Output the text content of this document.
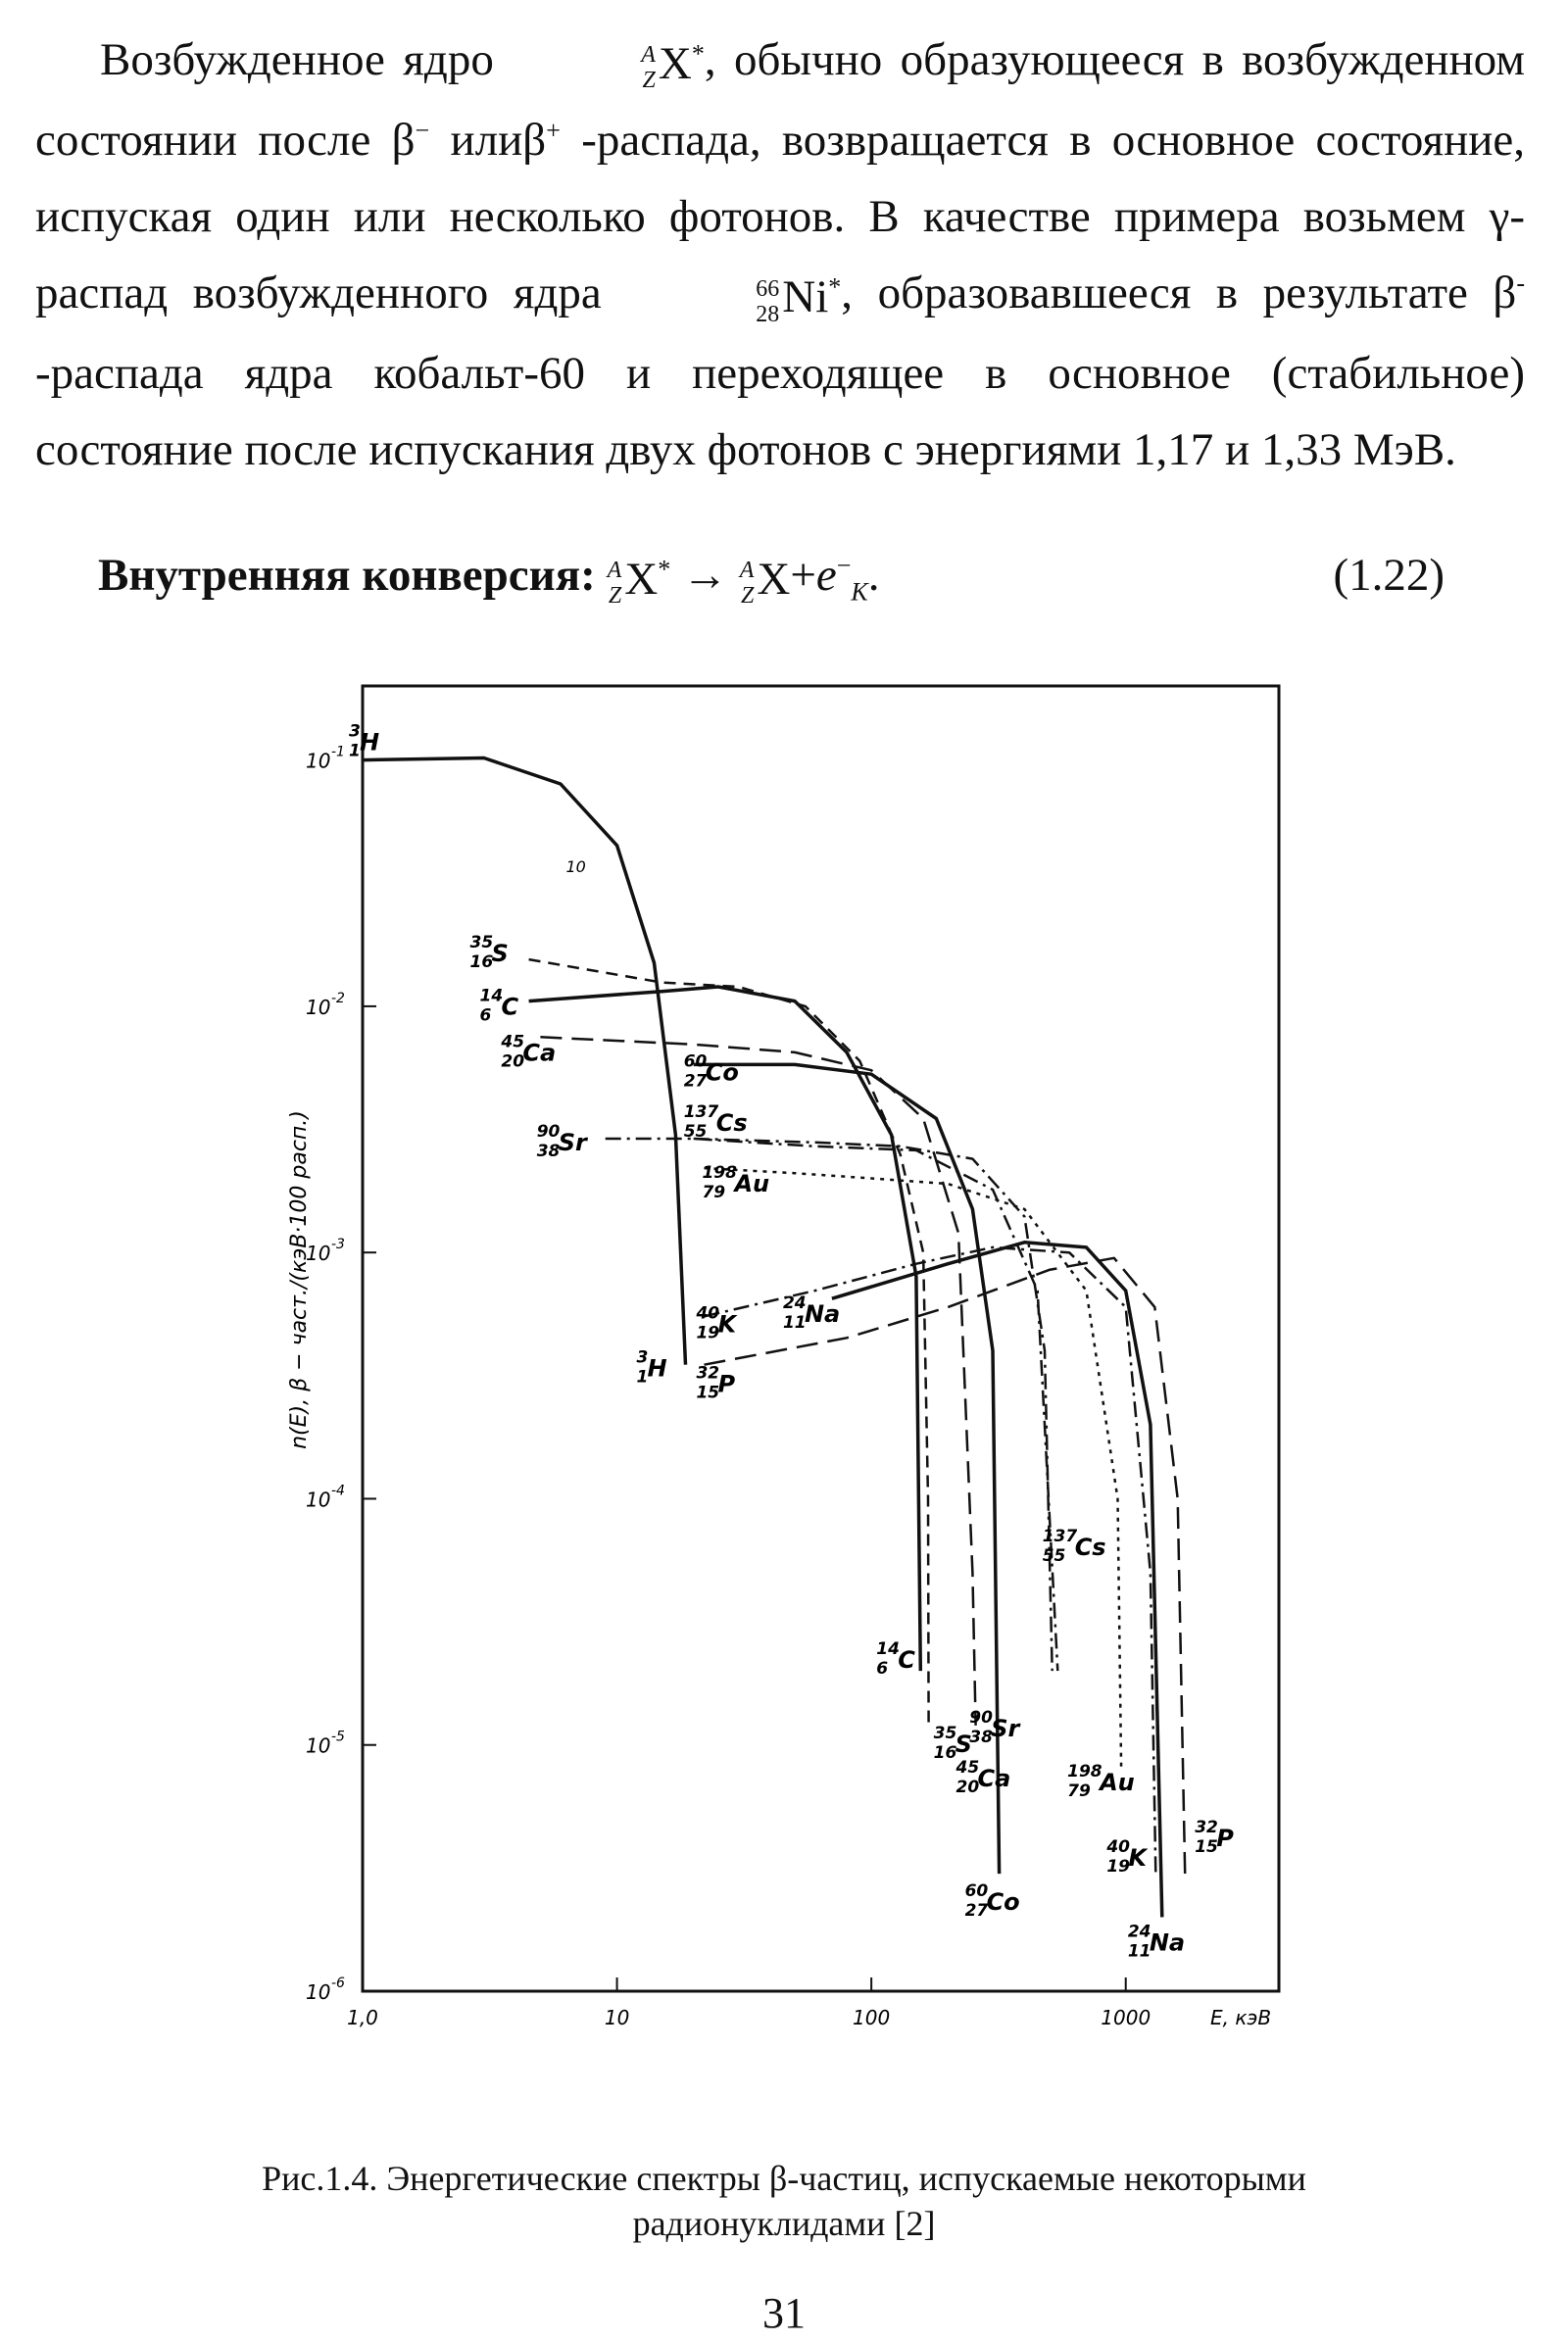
Возбужденное ядро	A
Z X*, обычно образующееся в возбужденном состоянии после β− илиβ+ -распада, возвращается в основное состояние, испуская один или несколько фотонов. В качестве примера возьмем γ-распад возбужденного ядра	66
28 Ni*, образовавшееся в результате β- -распада ядра кобальт-60 и переходящее в основное (стабильное) состояние после испускания двух фотонов с энергиями 1,17 и 1,33 МэВ.

Внутренняя конверсия: A
Z X* → A
Z $X+e^-_K$.	(1.22)
1,0	10	100	1000	E, кэВ
10 -1
10 -2
10 -3
10 -4
10 -5
10 -6
n(E), β − част./(кэВ·100 расп.)
10
3
1 H
3
1 H
35
16
S
35
16
S
14
6 C
14
6 C
45
20
Ca
45
20
Ca
60
27
Co
60
27
Co
137
55 Cs
137
55 Cs
90
38
Sr
90
38
Sr
198
79 Au
198
79 Au
40
19
K
40
19
K
24
11
Na
24
11
Na
32
15
P
32
15
P
Рис.1.4. Энергетические спектры β-частиц, испускаемые некоторыми
радионуклидами [2]
31
